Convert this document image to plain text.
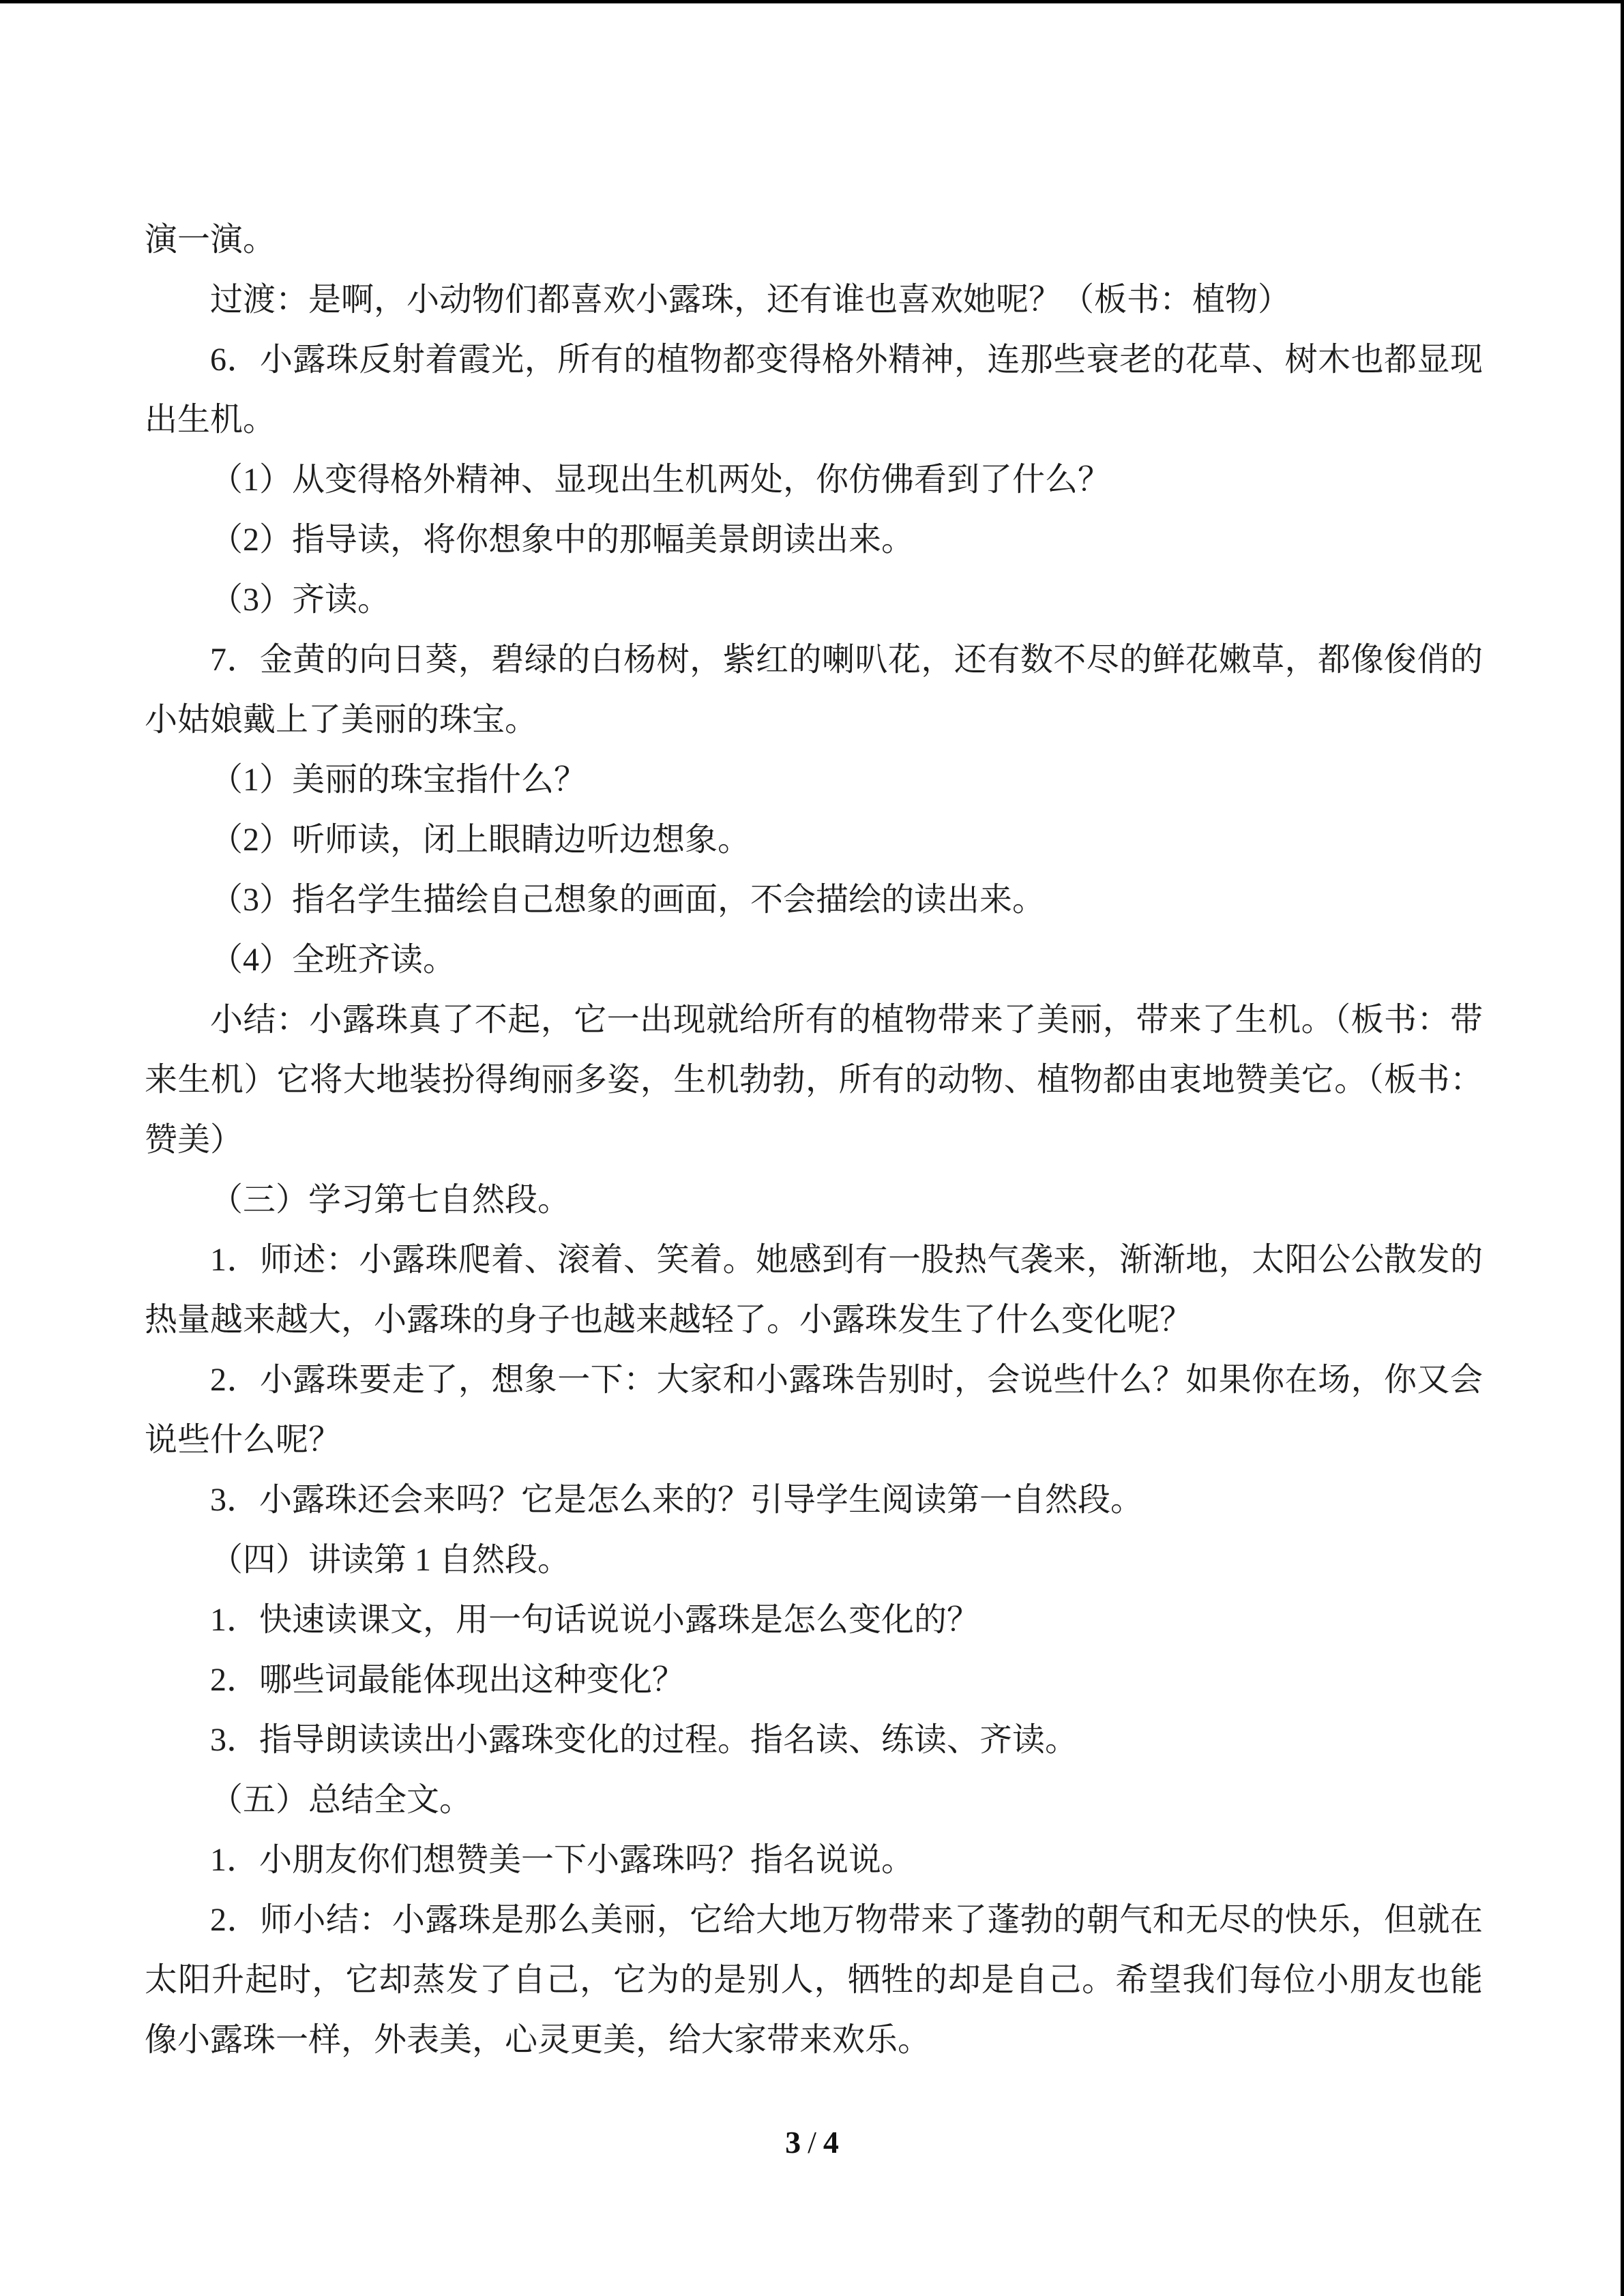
演一演。

过渡：是啊，小动物们都喜欢小露珠，还有谁也喜欢她呢？（板书：植物）

6．小露珠反射着霞光，所有的植物都变得格外精神，连那些衰老的花草、树木也都显现出生机。

（1）从变得格外精神、显现出生机两处，你仿佛看到了什么？

（2）指导读，将你想象中的那幅美景朗读出来。

（3）齐读。

7．金黄的向日葵，碧绿的白杨树，紫红的喇叭花，还有数不尽的鲜花嫩草，都像俊俏的小姑娘戴上了美丽的珠宝。

（1）美丽的珠宝指什么？

（2）听师读，闭上眼睛边听边想象。

（3）指名学生描绘自己想象的画面，不会描绘的读出来。

（4）全班齐读。

小结：小露珠真了不起，它一出现就给所有的植物带来了美丽，带来了生机。（板书：带来生机）它将大地装扮得绚丽多姿，生机勃勃，所有的动物、植物都由衷地赞美它。（板书：赞美）

（三）学习第七自然段。

1．师述：小露珠爬着、滚着、笑着。她感到有一股热气袭来，渐渐地，太阳公公散发的热量越来越大，小露珠的身子也越来越轻了。小露珠发生了什么变化呢？

2．小露珠要走了，想象一下：大家和小露珠告别时，会说些什么？如果你在场，你又会说些什么呢？

3．小露珠还会来吗？它是怎么来的？引导学生阅读第一自然段。

（四）讲读第 1 自然段。

1．快速读课文，用一句话说说小露珠是怎么变化的？

2．哪些词最能体现出这种变化？

3．指导朗读读出小露珠变化的过程。指名读、练读、齐读。

（五）总结全文。

1．小朋友你们想赞美一下小露珠吗？指名说说。

2．师小结：小露珠是那么美丽，它给大地万物带来了蓬勃的朝气和无尽的快乐，但就在太阳升起时，它却蒸发了自己，它为的是别人，牺牲的却是自己。希望我们每位小朋友也能像小露珠一样，外表美，心灵更美，给大家带来欢乐。

3 / 4
